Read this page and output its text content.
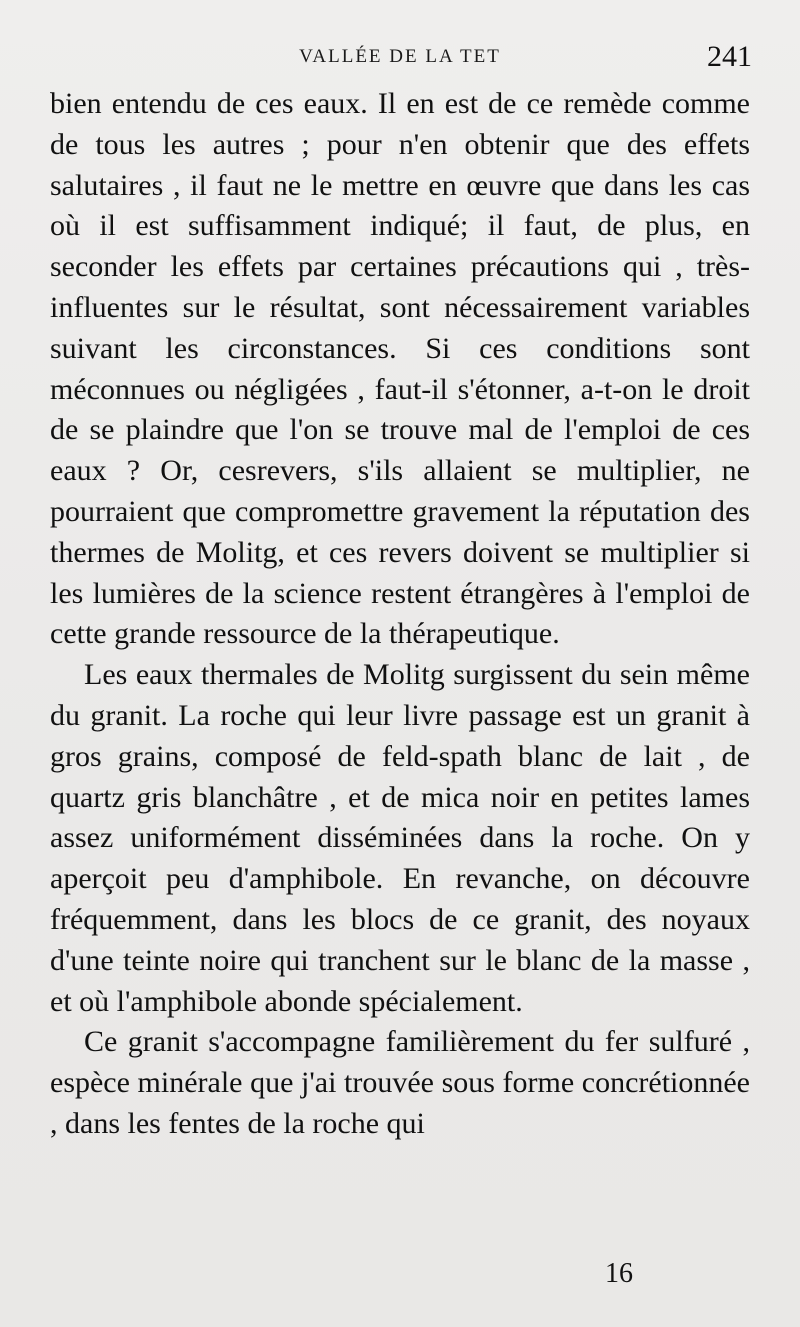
VALLÉE DE LA TET	241

bien entendu de ces eaux. Il en est de ce remède comme de tous les autres ; pour n'en obtenir que des effets salutaires , il faut ne le mettre en œuvre que dans les cas où il est suffisamment indiqué; il faut, de plus, en seconder les effets par certaines précautions qui , très-influentes sur le résultat, sont nécessairement variables suivant les circonstances. Si ces conditions sont méconnues ou négligées , faut-il s'étonner, a-t-on le droit de se plaindre que l'on se trouve mal de l'emploi de ces eaux ? Or, cesrevers, s'ils allaient se multiplier, ne pourraient que compromettre gravement la réputation des thermes de Molitg, et ces revers doivent se multiplier si les lumières de la science restent étrangères à l'emploi de cette grande ressource de la thérapeutique.

Les eaux thermales de Molitg surgissent du sein même du granit. La roche qui leur livre passage est un granit à gros grains, composé de feld-spath blanc de lait , de quartz gris blanchâtre , et de mica noir en petites lames assez uniformément disséminées dans la roche. On y aperçoit peu d'amphibole. En revanche, on découvre fréquemment, dans les blocs de ce granit, des noyaux d'une teinte noire qui tranchent sur le blanc de la masse , et où l'amphibole abonde spécialement.

Ce granit s'accompagne familièrement du fer sulfuré , espèce minérale que j'ai trouvée sous forme concrétionnée , dans les fentes de la roche qui

16
